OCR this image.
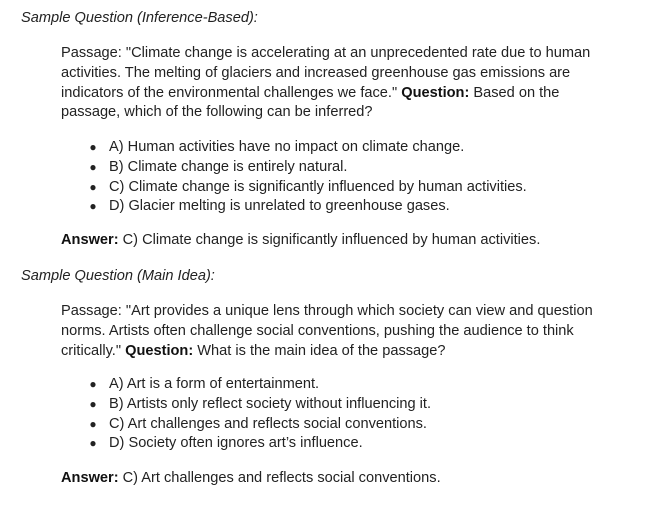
Sample Question (Inference-Based):

Passage: "Climate change is accelerating at an unprecedented rate due to human activities. The melting of glaciers and increased greenhouse gas emissions are indicators of the environmental challenges we face." Question: Based on the passage, which of the following can be inferred?

● A) Human activities have no impact on climate change.
● B) Climate change is entirely natural.
● C) Climate change is significantly influenced by human activities.
● D) Glacier melting is unrelated to greenhouse gases.

Answer: C) Climate change is significantly influenced by human activities.

Sample Question (Main Idea):

Passage: "Art provides a unique lens through which society can view and question norms. Artists often challenge social conventions, pushing the audience to think critically." Question: What is the main idea of the passage?

● A) Art is a form of entertainment.
● B) Artists only reflect society without influencing it.
● C) Art challenges and reflects social conventions.
● D) Society often ignores art’s influence.

Answer: C) Art challenges and reflects social conventions.
